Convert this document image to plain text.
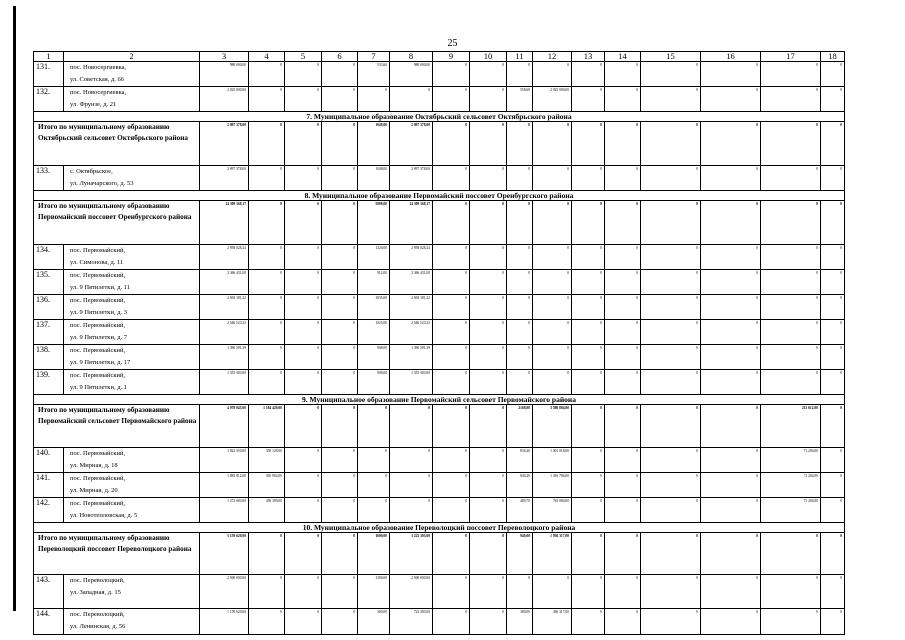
25
1	2	3	4	5	6	7	8	9	10	11	12	13	14	15	16	17	18
131.	пос. Новосергиевка,
ул. Советская, д. 66	980 000,00	0	0	0	533,60	980 000,00	0	0	0	0	0	0	0	0	0	0
132.	пос. Новосергиевка,
ул. Фрунзе, д. 21	2 025 000,00	0	0	0	0	0	0	0	558,60	2 025 000,00	0	0	0	0	0	0
7. Муниципальное образование Октябрьский сельсовет Октябрьского района																	
Итого по муниципальному образованию Октябрьский сельсовет Октябрьского района		2 097 378,00	0	0	0	1048,00	2 097 378,00	0	0	0	0	0	0	0	0	0	0
133.	с. Октябрьское,
ул. Луначарского, д. 53	2 097 378,00	0	0	0	1048,00	2 097 378,00	0	0	0	0	0	0	0	0	0	0
8. Муниципальное образование Первомайский поссовет Оренбургского района																	
Итого по муниципальному образованию Первомайский поссовет Оренбургского района		14 309 168,17	0	0	0	5898,00	14 309 168,17	0	0	0	0	0	0	0	0	0	0
134.	пос. Первомайский,
ул. Симонова, д. 11	2 958 028,24	0	0	0	1320,00	2 958 028,24	0	0	0	0	0	0	0	0	0	0
135.	пос. Первомайский,
ул. 9 Пятилетки, д. 11	2 366 431,00	0	0	0	912,00	2 366 431,00	0	0	0	0	0	0	0	0	0	0
136.	пос. Первомайский,
ул. 9 Пятилетки, д. 3	2 692 181,22	0	0	0	1035,00	2 692 181,22	0	0	0	0	0	0	0	0	0	0
137.	пос. Первомайский,
ул. 9 Пятилетки, д. 7	2 546 523,32	0	0	0	1025,00	2 546 523,32	0	0	0	0	0	0	0	0	0	0
138.	пос. Первомайский,
ул. 9 Пятилетки, д. 17	1 390 591,39	0	0	0	908,00	1 390 591,39	0	0	0	0	0	0	0	0	0	0
139.	пос. Первомайский,
ул. 9 Пятилетки, д. 1	1 355 403,00	0	0	0	908,00	1 355 403,00	0	0	0	0	0	0	0	0	0	0
9. Муниципальное образование Первомайский сельсовет Первомайского района																	
Итого по муниципальному образованию Первомайский сельсовет Первомайского района		4 978 845,00	1 184 429,00	0	0	0	0	0	0	2168,00	3 580 804,00	0	0	0	0	213 612,00	0
140.	пос. Первомайский,
ул. Мирная, д. 18	1 822 350,00	350 128,00	0	0	0	0	0	0	834,40	1 401 018,00	0	0	0	0	71 204,00	0
141.	пос. Первомайский,
ул. Мирная, д. 20	1 883 812,00	395 902,00	0	0	0	0	0	0	844,20	1 416 706,00	0	0	0	0	71 204,00	0
142.	пос. Первомайский,
ул. Новотепловская, д. 5	1 272 683,00	438 399,00	0	0	0	0	0	0	489,70	763 080,00	0	0	0	0	71 204,00	0
10. Муниципальное образование Переволоцкий поссовет Переволоцкого района																	
Итого по муниципальному образованию Переволоцкий поссовет Переволоцкого района		5 159 620,00	0	0	0	1600,00	3 223 303,00	0	0	940,00	1 936 317,00	0	0	0	0	0	0
143.	пос. Переволоцкий,
ул. Западная, д. 15	2 500 000,00	0	0	0	1300,00	2 500 000,00	0	0	0	0	0	0	0	0	0	0
144.	пос. Переволоцкий,
ул. Ленинская, д. 56	1 159 620,00	0	0	0	300,00	723 303,00	0	0	380,00	436 317,00	0	0	0	0	0	0
